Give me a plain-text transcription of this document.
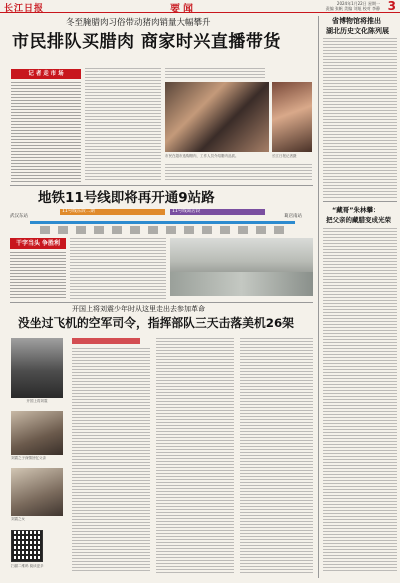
长江日报	要闻
2024年1月22日 星期一
责编 张帆 美编 刘旭 校对 李静 3
冬至腌腊肉习俗带动猪肉销量大幅攀升
市民排队买腊肉 商家时兴直播带货
记 者 走 市 场
市民在超市选购腊肉，工作人员介绍腊肉品质。	长江日报记者摄
地铁11号线即将再开通9站路
11号线东段二期	11号线葛店段
武汉东站	葛店南站
干字当头 争胜利
开国上将刘震少年时从这里走出去参加革命
没坐过飞机的空军司令，指挥部队三天击落美机26架
开国上将刘震
刘震之子深情回忆父亲
刘震之女
扫描二维码 阅读更多
省博物馆将推出
湖北历史文化陈列展
“藏哥”朱林攀：
把父亲的藏腊变成光荣
